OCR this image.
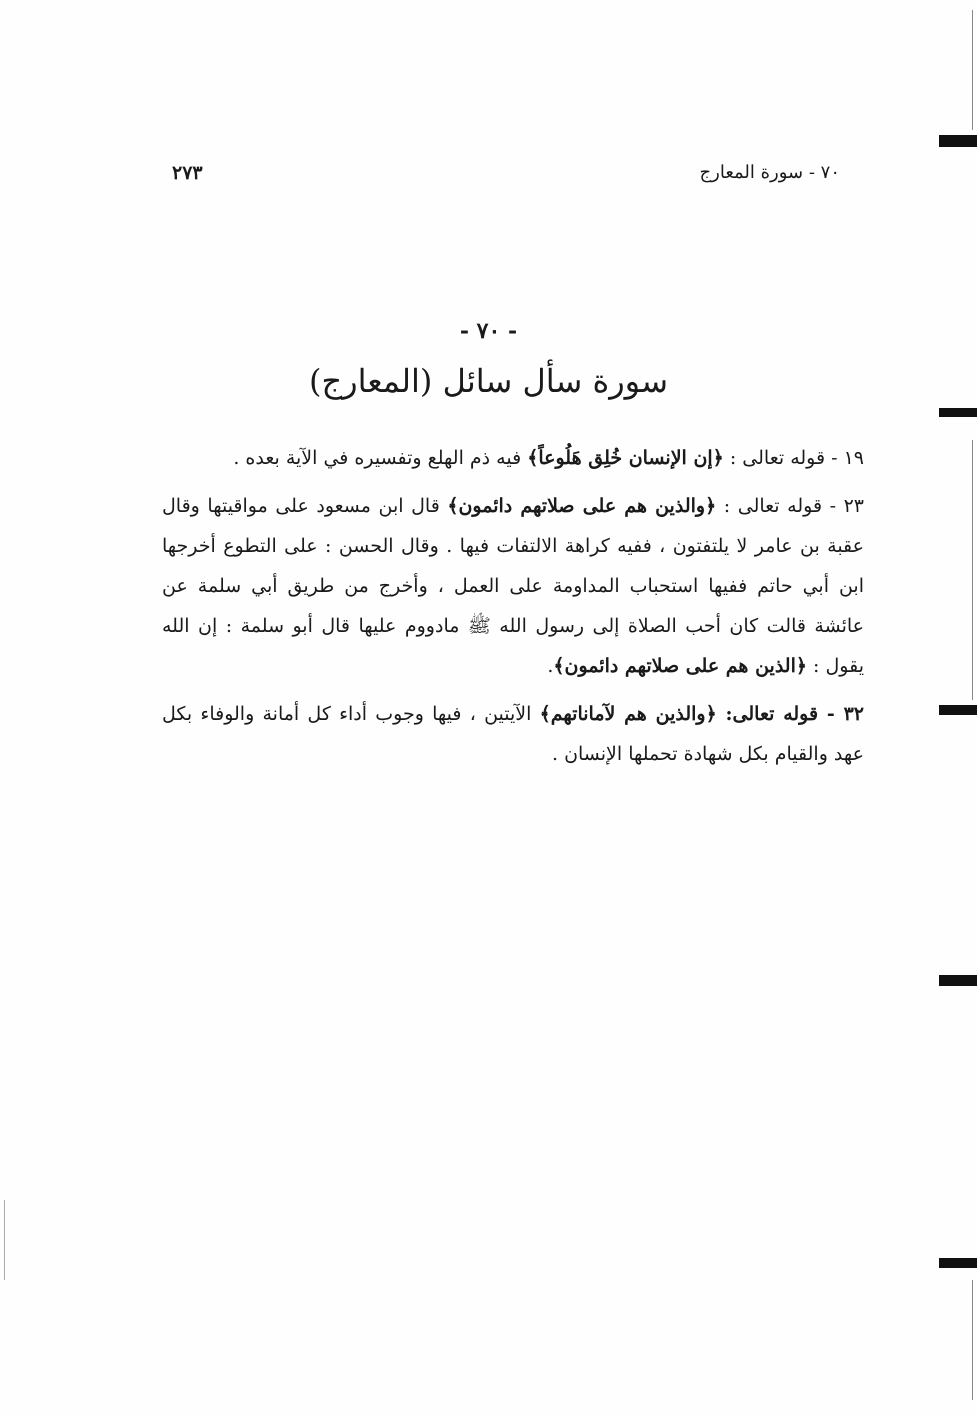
٧٠ - سورة المعارج
٢٧٣
- ٧٠ -
سورة سأل سائل (المعارج)

١٩ - قوله تعالى : ﴿إن الإنسان خُلِق هَلُوعاً﴾ فيه ذم الهلع وتفسيره في الآية بعده .

٢٣ - قوله تعالى : ﴿والذين هم على صلاتهم دائمون﴾ قال ابن مسعود على مواقيتها وقال عقبة بن عامر لا يلتفتون ، ففيه كراهة الالتفات فيها . وقال الحسن : على التطوع أخرجها ابن أبي حاتم ففيها استحباب المداومة على العمل ، وأخرج من طريق أبي سلمة عن عائشة قالت كان أحب الصلاة إلى رسول الله ﷺ مادووم عليها قال أبو سلمة : إن الله يقول : ﴿الذين هم على صلاتهم دائمون﴾.

٣٢ - قوله تعالى: ﴿والذين هم لآماناتهم﴾ الآيتين ، فيها وجوب أداء كل أمانة والوفاء بكل عهد والقيام بكل شهادة تحملها الإنسان .
